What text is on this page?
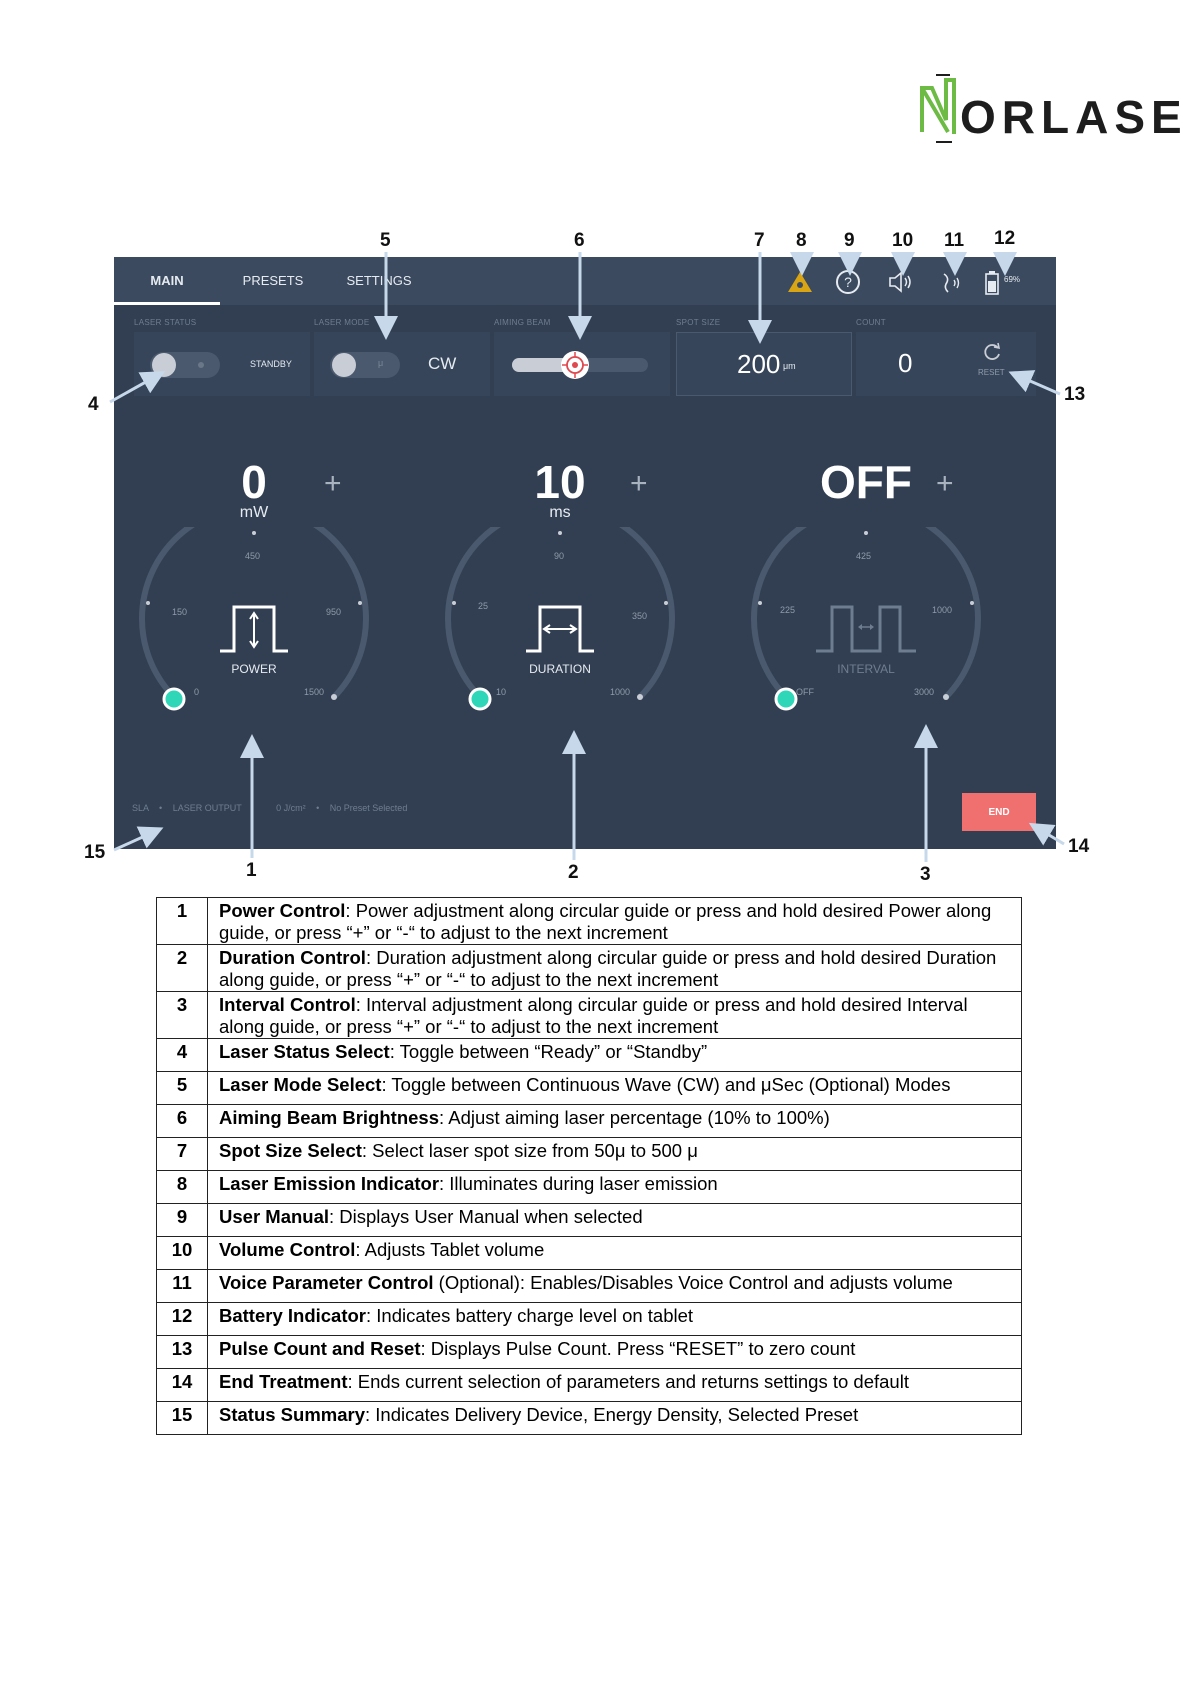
ORLASE
MAIN	PRESETS	SETTINGS	?	69%
LASER STATUS
STANDBY
LASER MODE
μ	CW
AIMING BEAM	SPOT SIZE
200 μm
COUNT
0	RESET
0
mW
+
150
450
950
0	1500
POWER
10
ms
+
25
90
350
10	1000
DURATION
OFF +
225
425
1000
OFF	3000
INTERVAL
SLA • LASER OUTPUT	0 J/cm² • No Preset Selected	END
1	2	3
4
5	6	7 8 9 10 11 12
13
14
15
1	Power Control: Power adjustment along circular guide or press and hold desired Power along guide, or press “+” or “-“ to adjust to the next increment
2	Duration Control: Duration adjustment along circular guide or press and hold desired Duration along guide, or press “+” or “-“ to adjust to the next increment
3	Interval Control: Interval adjustment along circular guide or press and hold desired Interval along guide, or press “+” or “-“ to adjust to the next increment
4	Laser Status Select: Toggle between “Ready” or “Standby”
5	Laser Mode Select: Toggle between Continuous Wave (CW) and μSec (Optional) Modes
6	Aiming Beam Brightness: Adjust aiming laser percentage (10% to 100%)
7	Spot Size Select: Select laser spot size from 50μ to 500 μ
8	Laser Emission Indicator: Illuminates during laser emission
9	User Manual: Displays User Manual when selected
10	Volume Control: Adjusts Tablet volume
11	Voice Parameter Control (Optional): Enables/Disables Voice Control and adjusts volume
12	Battery Indicator: Indicates battery charge level on tablet
13	Pulse Count and Reset: Displays Pulse Count. Press “RESET” to zero count
14	End Treatment: Ends current selection of parameters and returns settings to default
15	Status Summary: Indicates Delivery Device, Energy Density, Selected Preset
